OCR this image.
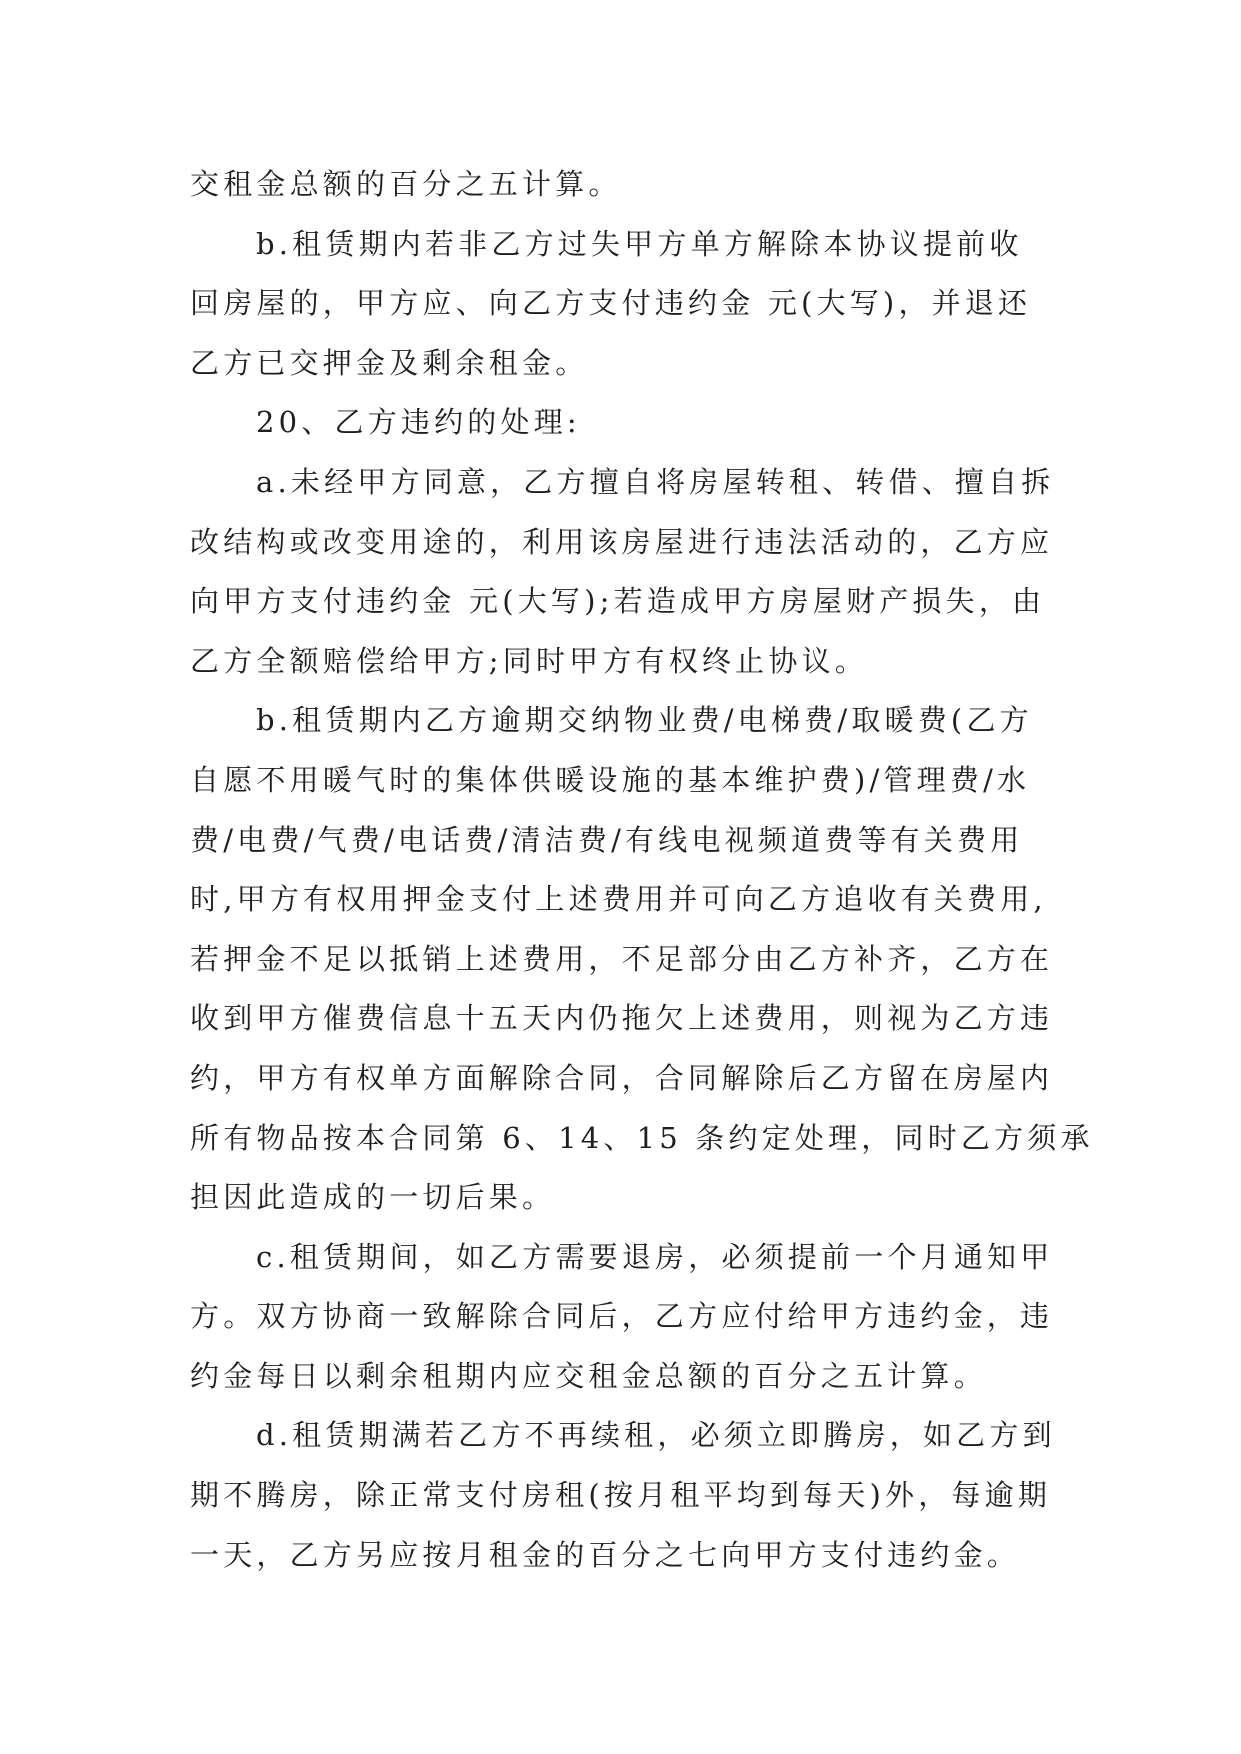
交租金总额的百分之五计算。
b.租赁期内若非乙方过失甲方单方解除本协议提前收
回房屋的，甲方应、向乙方支付违约金 元(大写)，并退还
乙方已交押金及剩余租金。
20、乙方违约的处理:
a.未经甲方同意，乙方擅自将房屋转租、转借、擅自拆
改结构或改变用途的，利用该房屋进行违法活动的，乙方应
向甲方支付违约金 元(大写);若造成甲方房屋财产损失，由
乙方全额赔偿给甲方;同时甲方有权终止协议。
b.租赁期内乙方逾期交纳物业费/电梯费/取暖费(乙方
自愿不用暖气时的集体供暖设施的基本维护费)/管理费/水
费/电费/气费/电话费/清洁费/有线电视频道费等有关费用
时,甲方有权用押金支付上述费用并可向乙方追收有关费用,
若押金不足以抵销上述费用，不足部分由乙方补齐，乙方在
收到甲方催费信息十五天内仍拖欠上述费用，则视为乙方违
约，甲方有权单方面解除合同，合同解除后乙方留在房屋内
所有物品按本合同第 6、14、15 条约定处理，同时乙方须承
担因此造成的一切后果。
c.租赁期间，如乙方需要退房，必须提前一个月通知甲
方。双方协商一致解除合同后，乙方应付给甲方违约金，违
约金每日以剩余租期内应交租金总额的百分之五计算。
d.租赁期满若乙方不再续租，必须立即腾房，如乙方到
期不腾房，除正常支付房租(按月租平均到每天)外，每逾期
一天，乙方另应按月租金的百分之七向甲方支付违约金。
